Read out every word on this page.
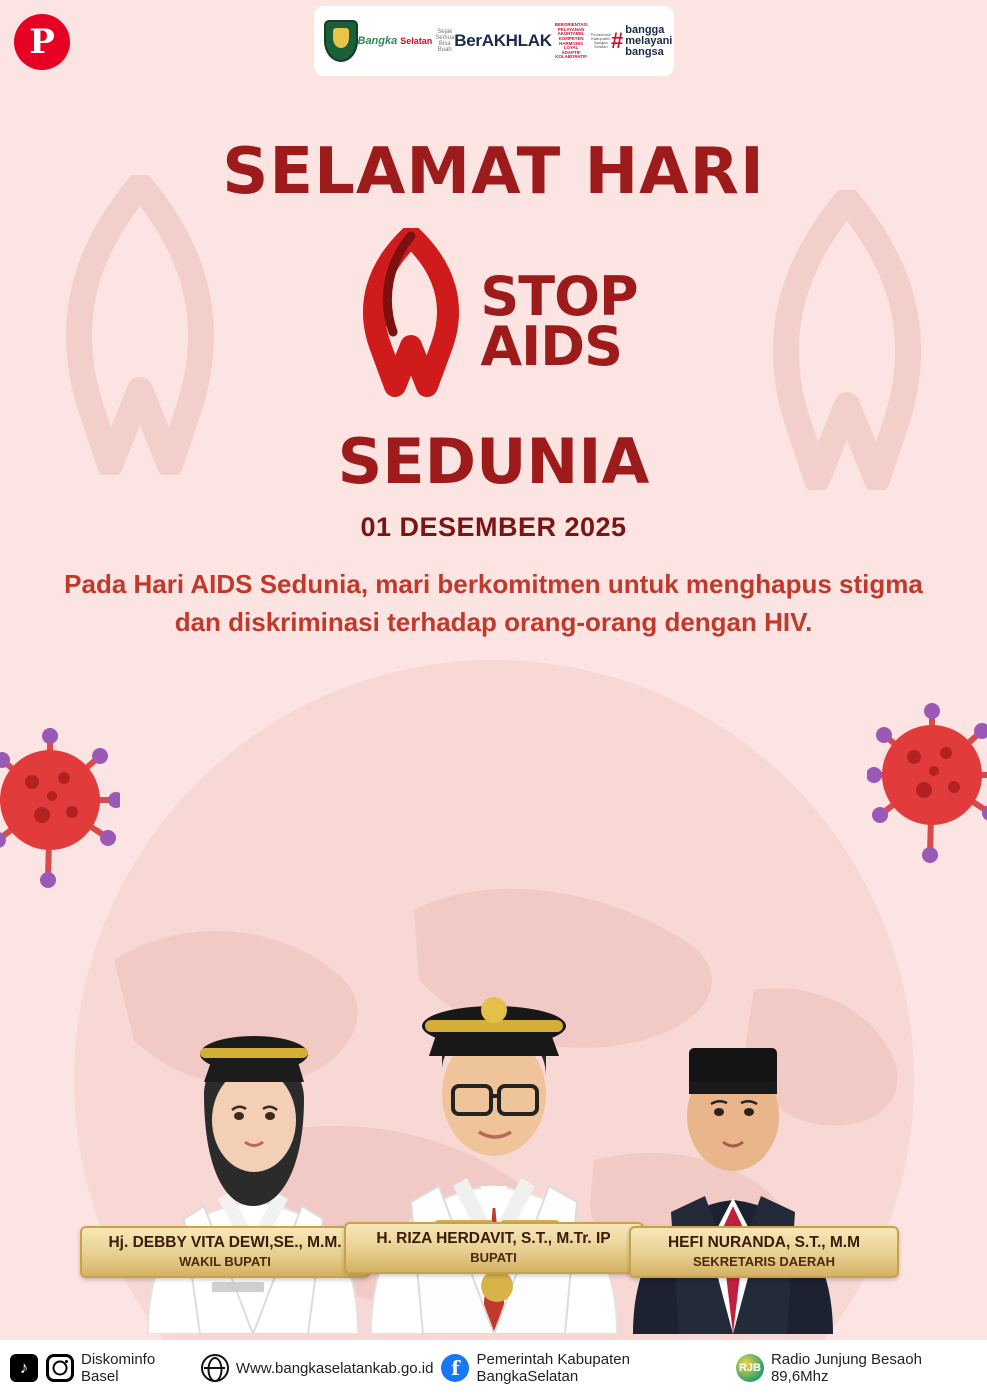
P	Bangka Selatan
Sejak Semua Bisa Buah BerAKHLAK
BERORIENTASI PELAYANAN AKUNTABEL KOMPETEN HARMONIS LOYAL ADAPTIF KOLABORATIF
Pemerintah Kabupaten Bangka Selatan # bangga
melayani
bangsa
SELAMAT HARI
STOP
AIDS
SEDUNIA
01 DESEMBER 2025
Pada Hari AIDS Sedunia, mari berkomitmen untuk menghapus stigma dan diskriminasi terhadap orang-orang dengan HIV.
Hj. DEBBY VITA DEWI,SE., M.M.
WAKIL BUPATI
H. RIZA HERDAVIT, S.T., M.Tr. IP
BUPATI
HEFI NURANDA, S.T., M.M
SEKRETARIS DAERAH
♪	Diskominfo Basel	Www.bangkaselatankab.go.id f	Pemerintah Kabupaten BangkaSelatan	RJB Radio Junjung Besaoh 89,6Mhz
